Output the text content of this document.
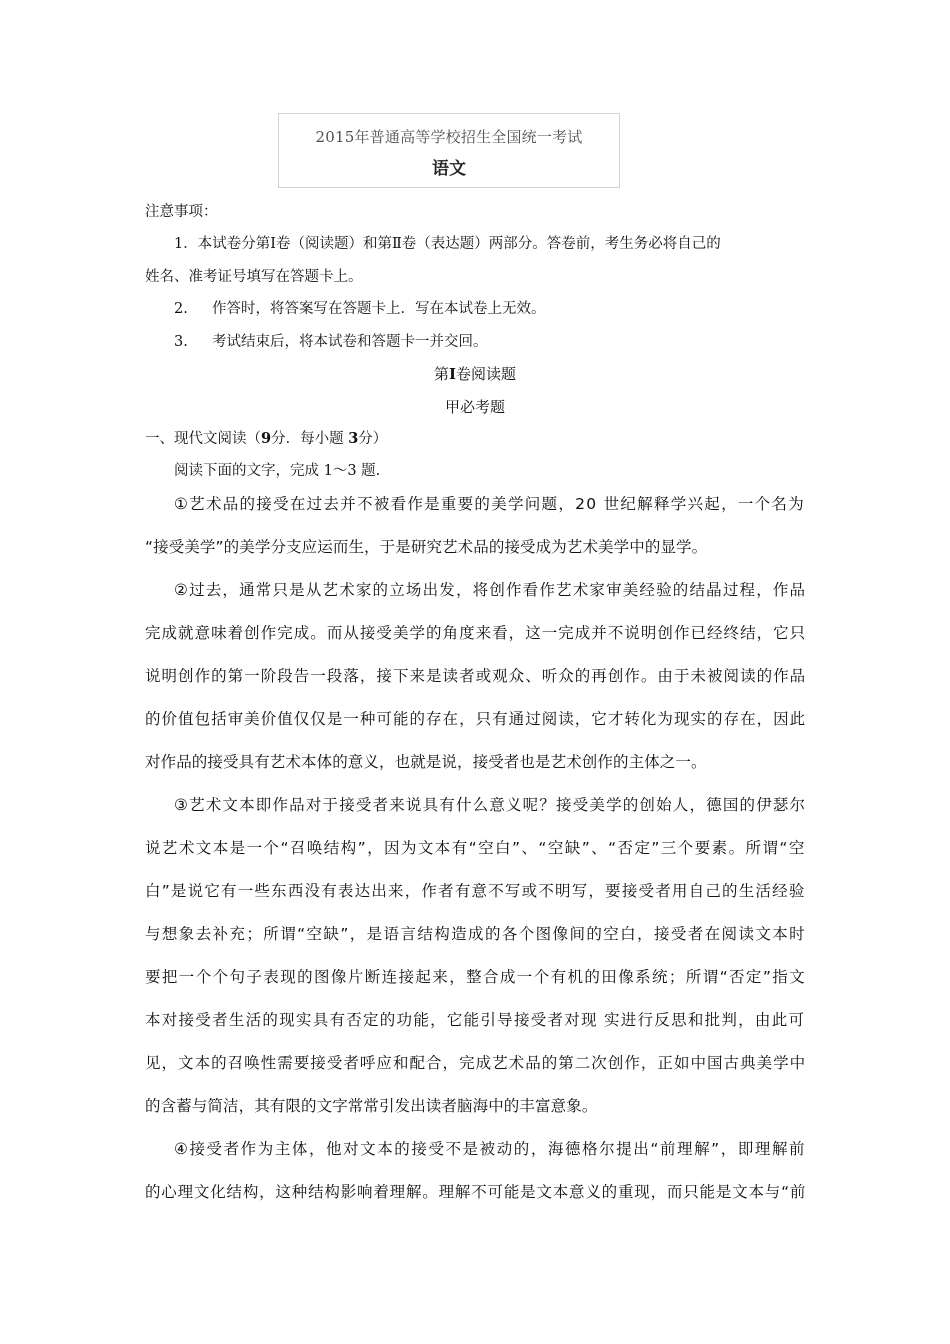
2015年普通高等学校招生全国统一考试
语文
注意事项：
1．本试卷分第Ⅰ卷（阅读题）和第Ⅱ卷（表达题）两部分。答卷前，考生务必将自己的
姓名、准考证号填写在答题卡上。
2. 作答时，将答案写在答题卡上．写在本试卷上无效。
3. 考试结束后，将本试卷和答题卡一并交回。
第I卷阅读题
甲必考题
一、现代文阅读（9分．每小题 3分）
阅读下面的文字，完成 1～3 题.
①艺术品的接受在过去并不被看作是重要的美学问题，20 世纪解释学兴起，一个名为
“接受美学”的美学分支应运而生，于是研究艺术品的接受成为艺术美学中的显学。
②过去，通常只是从艺术家的立场出发，将创作看作艺术家审美经验的结晶过程，作品
完成就意味着创作完成。而从接受美学的角度来看，这一完成并不说明创作已经终结，它只
说明创作的第一阶段告一段落，接下来是读者或观众、听众的再创作。由于未被阅读的作品
的价值包括审美价值仅仅是一种可能的存在，只有通过阅读，它才转化为现实的存在，因此
对作品的接受具有艺术本体的意义，也就是说，接受者也是艺术创作的主体之一。
③艺术文本即作品对于接受者来说具有什么意义呢？接受美学的创始人，德国的伊瑟尔
说艺术文本是一个“召唤结构”，因为文本有“空白”、“空缺”、“否定”三个要素。所谓“空
白”是说它有一些东西没有表达出来，作者有意不写或不明写，要接受者用自己的生活经验
与想象去补充；所谓“空缺”，是语言结构造成的各个图像间的空白，接受者在阅读文本时
要把一个个句子表现的图像片断连接起来，整合成一个有机的田像系统；所谓“否定”指文
本对接受者生活的现实具有否定的功能，它能引导接受者对现 实进行反思和批判，由此可
见，文本的召唤性需要接受者呼应和配合，完成艺术品的第二次创作，正如中国古典美学中
的含蓄与简洁，其有限的文字常常引发出读者脑海中的丰富意象。
④接受者作为主体，他对文本的接受不是被动的，海德格尔提出“前理解”，即理解前
的心理文化结构，这种结构影响着理解。理解不可能是文本意义的重现，而只能是文本与“前
